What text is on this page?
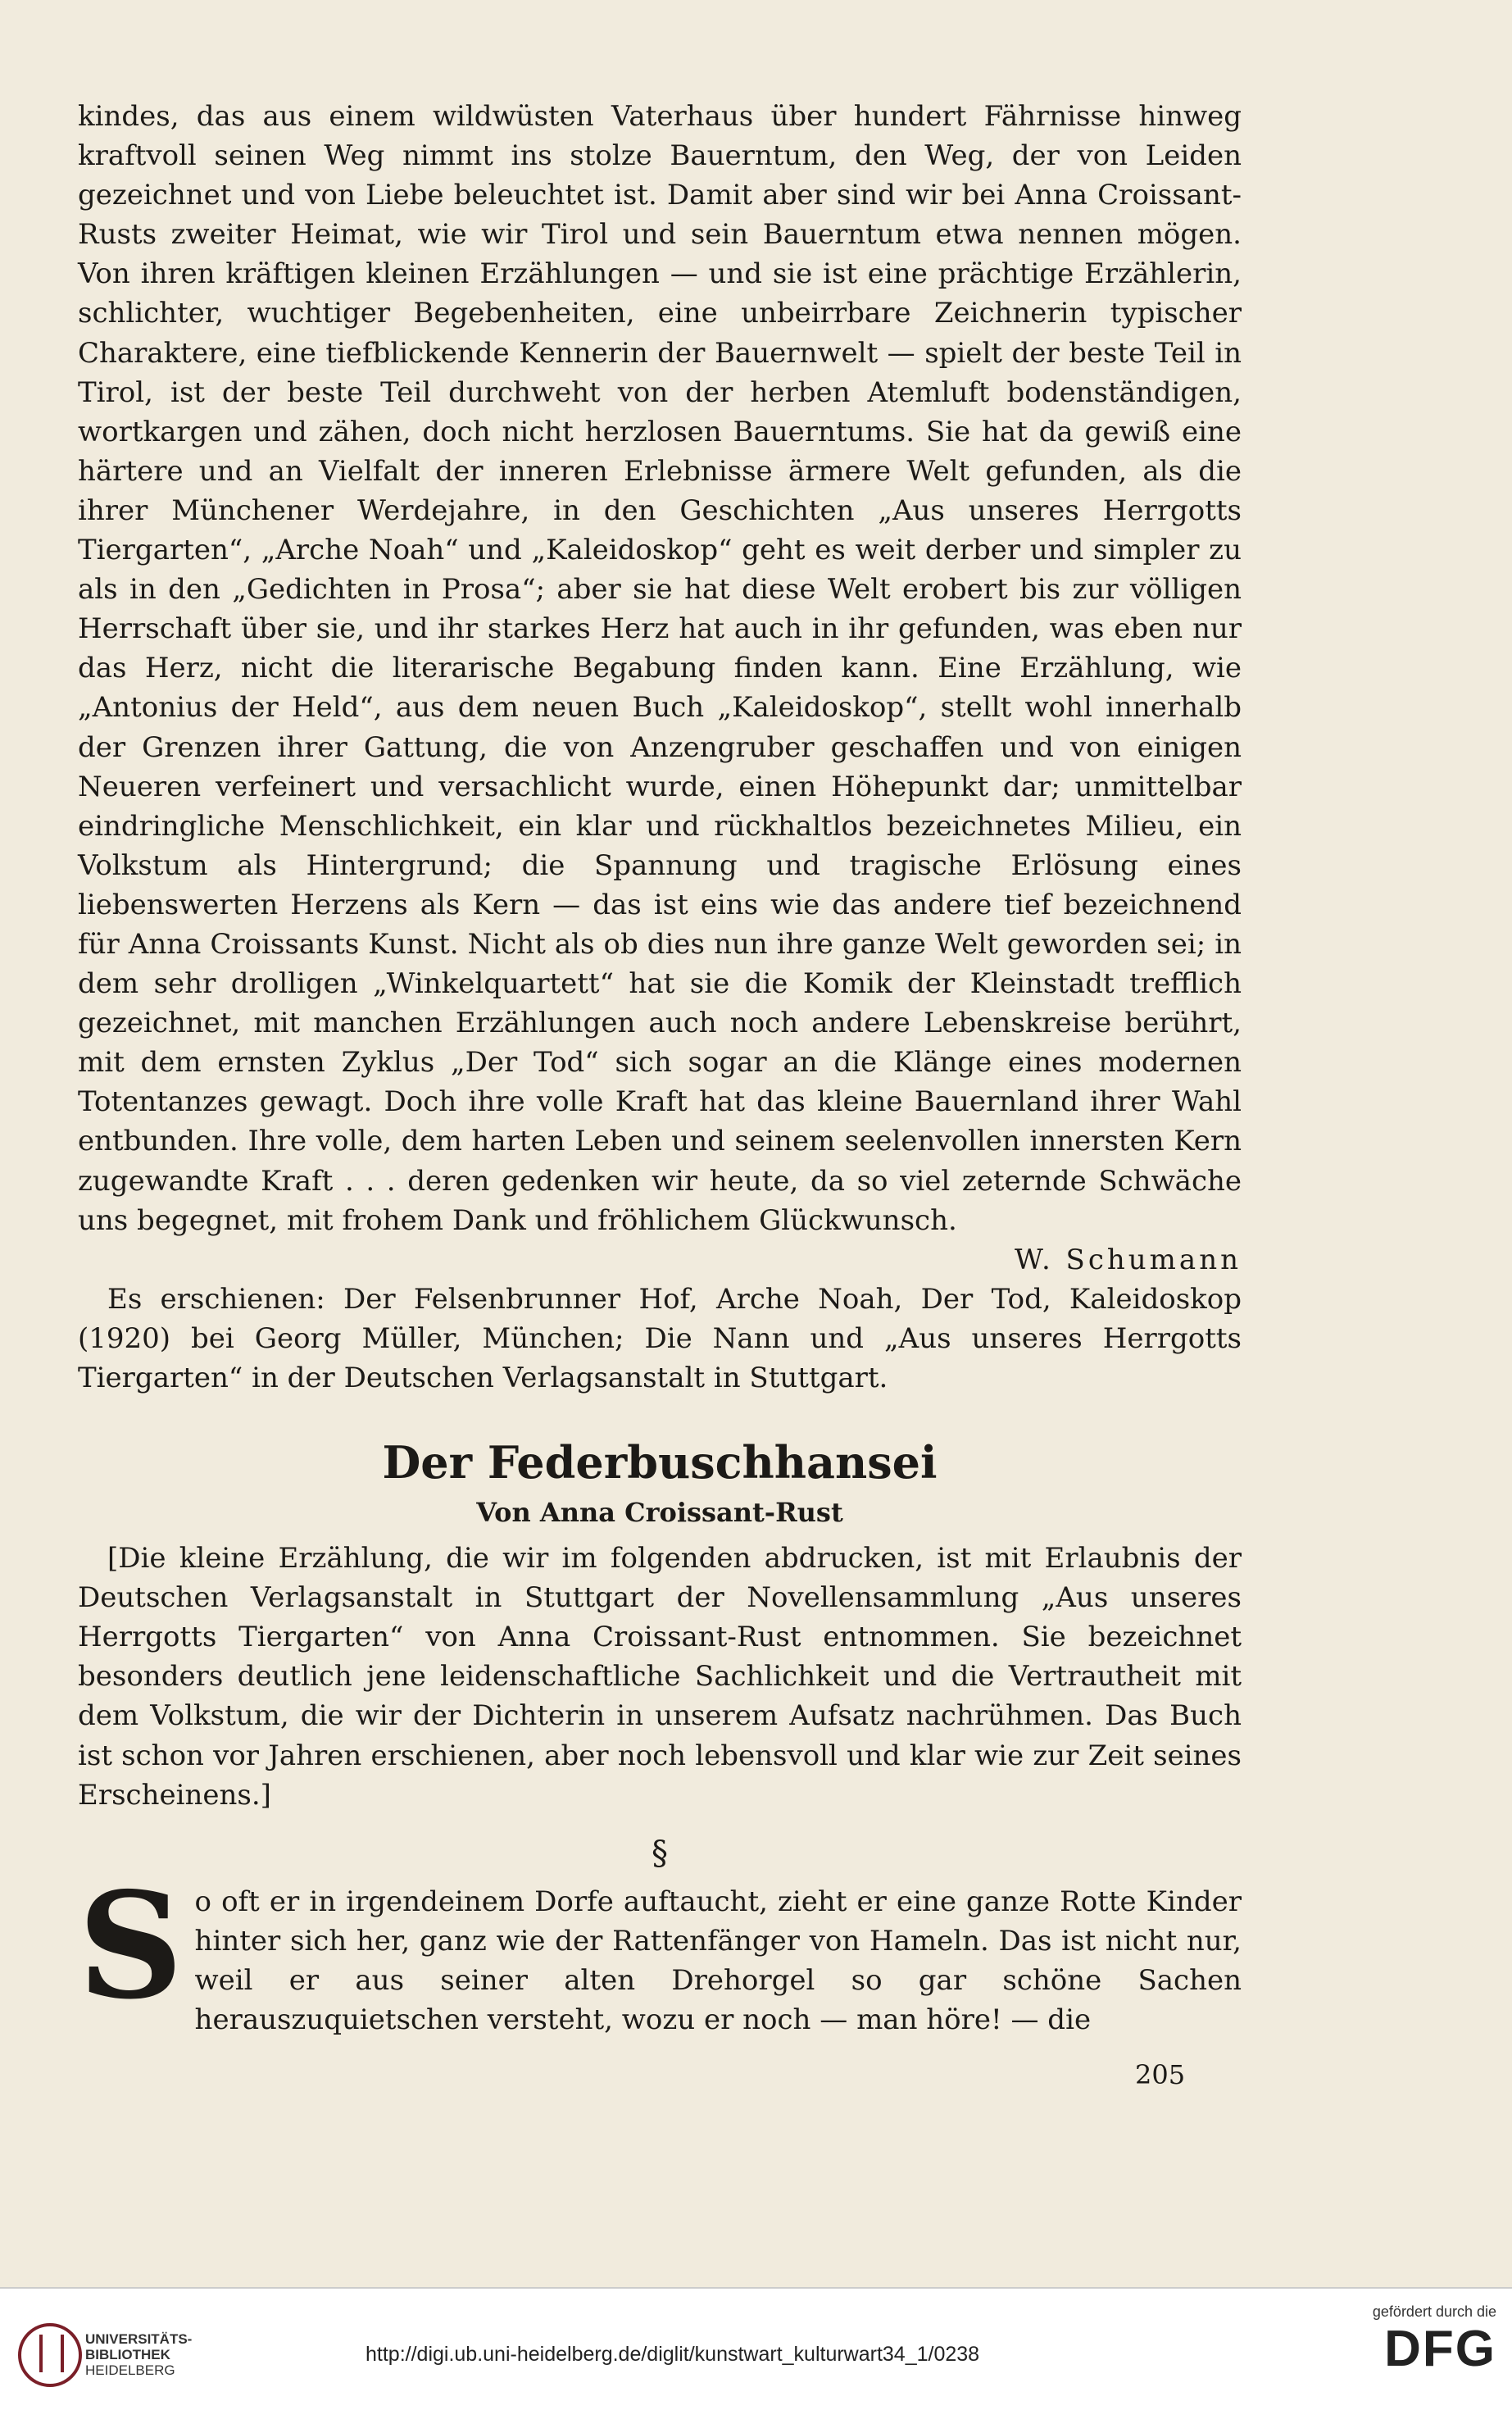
kindes, das aus einem wildwüsten Vaterhaus über hundert Fährnisse hinweg kraftvoll seinen Weg nimmt ins stolze Bauerntum, den Weg, der von Leiden gezeichnet und von Liebe beleuchtet ist. Damit aber sind wir bei Anna Croissant-Rusts zweiter Heimat, wie wir Tirol und sein Bauerntum etwa nennen mögen. Von ihren kräftigen kleinen Erzählungen — und sie ist eine prächtige Erzählerin, schlichter, wuchtiger Begebenheiten, eine unbeirrbare Zeichnerin typischer Charaktere, eine tiefblickende Kennerin der Bauernwelt — spielt der beste Teil in Tirol, ist der beste Teil durchweht von der herben Atemluft bodenständigen, wortkargen und zähen, doch nicht herzlosen Bauerntums. Sie hat da gewiß eine härtere und an Vielfalt der inneren Erlebnisse ärmere Welt gefunden, als die ihrer Münchener Werdejahre, in den Geschichten „Aus unseres Herrgotts Tiergarten“, „Arche Noah“ und „Kaleidoskop“ geht es weit derber und simpler zu als in den „Gedichten in Prosa“; aber sie hat diese Welt erobert bis zur völligen Herrschaft über sie, und ihr starkes Herz hat auch in ihr gefunden, was eben nur das Herz, nicht die literarische Begabung finden kann. Eine Erzählung, wie „Antonius der Held“, aus dem neuen Buch „Kaleidoskop“, stellt wohl innerhalb der Grenzen ihrer Gattung, die von Anzengruber geschaffen und von einigen Neueren verfeinert und versachlicht wurde, einen Höhepunkt dar; unmittelbar eindringliche Menschlichkeit, ein klar und rückhaltlos bezeichnetes Milieu, ein Volkstum als Hintergrund; die Spannung und tragische Erlösung eines liebenswerten Herzens als Kern — das ist eins wie das andere tief bezeichnend für Anna Croissants Kunst. Nicht als ob dies nun ihre ganze Welt geworden sei; in dem sehr drolligen „Winkelquartett“ hat sie die Komik der Kleinstadt trefflich gezeichnet, mit manchen Erzählungen auch noch andere Lebenskreise berührt, mit dem ernsten Zyklus „Der Tod“ sich sogar an die Klänge eines modernen Totentanzes gewagt. Doch ihre volle Kraft hat das kleine Bauernland ihrer Wahl entbunden. Ihre volle, dem harten Leben und seinem seelenvollen innersten Kern zugewandte Kraft . . . deren gedenken wir heute, da so viel zeternde Schwäche uns begegnet, mit frohem Dank und fröhlichem Glückwunsch.

W. Schumann

Es erschienen: Der Felsenbrunner Hof, Arche Noah, Der Tod, Kaleidoskop (1920) bei Georg Müller, München; Die Nann und „Aus unseres Herrgotts Tiergarten“ in der Deutschen Verlagsanstalt in Stuttgart.

Der Federbuschhansei
Von Anna Croissant-Rust

[Die kleine Erzählung, die wir im folgenden abdrucken, ist mit Erlaubnis der Deutschen Verlagsanstalt in Stuttgart der Novellensammlung „Aus unseres Herrgotts Tiergarten“ von Anna Croissant-Rust entnommen. Sie bezeichnet besonders deutlich jene leidenschaftliche Sachlichkeit und die Vertrautheit mit dem Volkstum, die wir der Dichterin in unserem Aufsatz nachrühmen. Das Buch ist schon vor Jahren erschienen, aber noch lebensvoll und klar wie zur Zeit seines Erscheinens.]

§

S o oft er in irgendeinem Dorfe auftaucht, zieht er eine ganze Rotte Kinder hinter sich her, ganz wie der Rattenfänger von Hameln. Das ist nicht nur, weil er aus seiner alten Drehorgel so gar schöne Sachen herauszuquietschen versteht, wozu er noch — man höre! — die

205
UNIVERSITÄTS-
BIBLIOTHEK
HEIDELBERG
http://digi.ub.uni-heidelberg.de/diglit/kunstwart_kulturwart34_1/0238
gefördert durch die
DFG
